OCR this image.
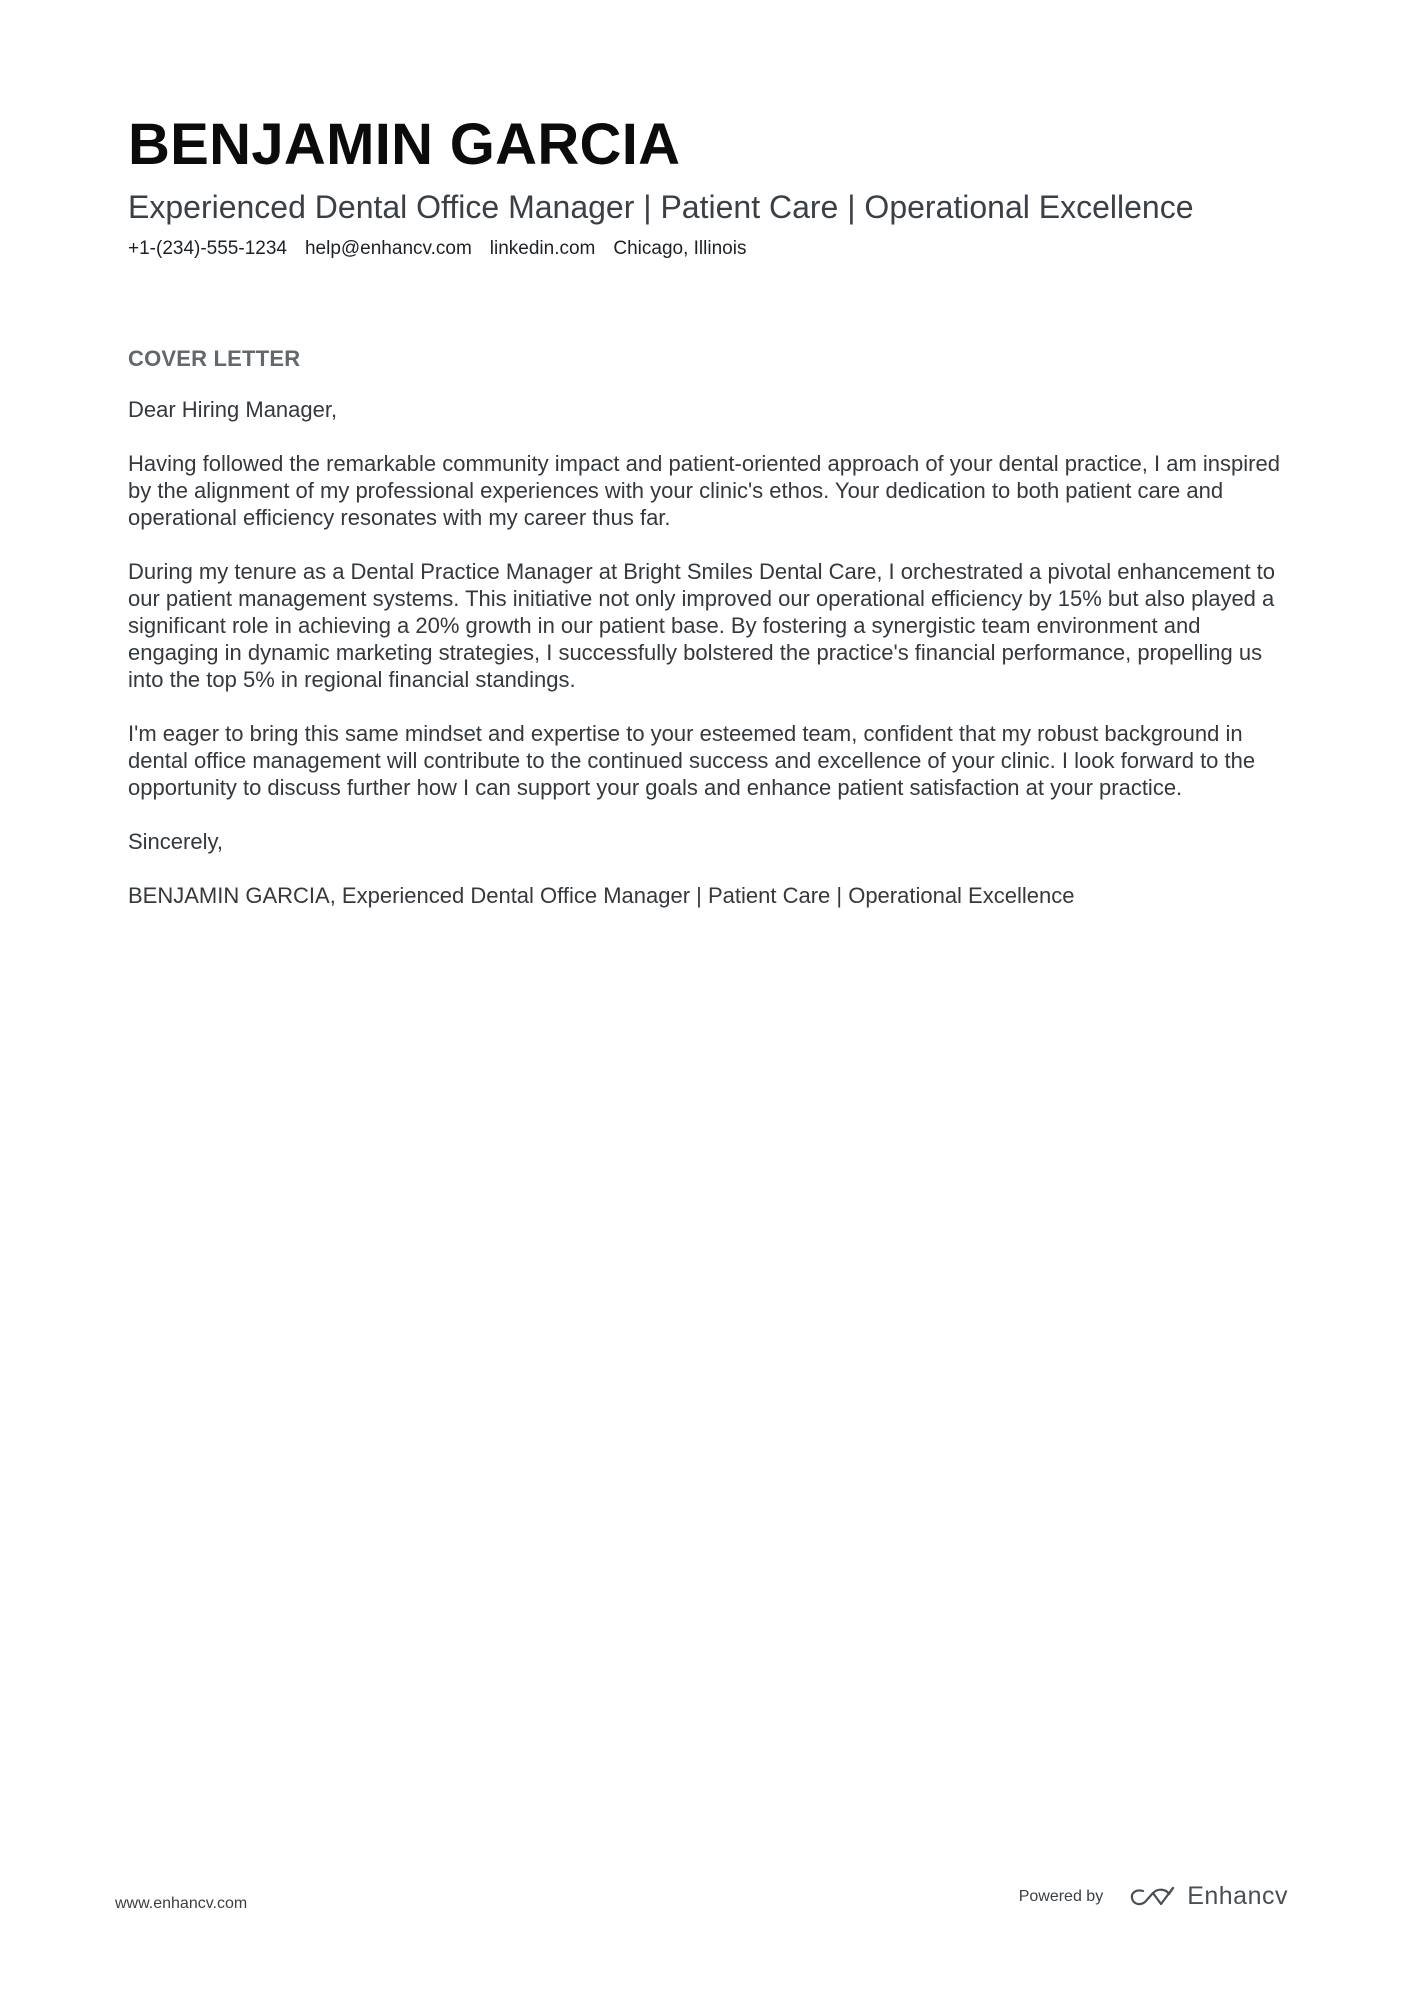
BENJAMIN GARCIA
Experienced Dental Office Manager | Patient Care | Operational Excellence
+1-(234)-555-1234 help@enhancv.com linkedin.com Chicago, Illinois
COVER LETTER

Dear Hiring Manager,

Having followed the remarkable community impact and patient-oriented approach of your dental practice, I am inspired by the alignment of my professional experiences with your clinic's ethos. Your dedication to both patient care and operational efficiency resonates with my career thus far.

During my tenure as a Dental Practice Manager at Bright Smiles Dental Care, I orchestrated a pivotal enhancement to our patient management systems. This initiative not only improved our operational efficiency by 15% but also played a significant role in achieving a 20% growth in our patient base. By fostering a synergistic team environment and engaging in dynamic marketing strategies, I successfully bolstered the practice's financial performance, propelling us into the top 5% in regional financial standings.

I'm eager to bring this same mindset and expertise to your esteemed team, confident that my robust background in dental office management will contribute to the continued success and excellence of your clinic. I look forward to the opportunity to discuss further how I can support your goals and enhance patient satisfaction at your practice.

Sincerely,

BENJAMIN GARCIA, Experienced Dental Office Manager | Patient Care | Operational Excellence

www.enhancv.com	Powered by	Enhancv
